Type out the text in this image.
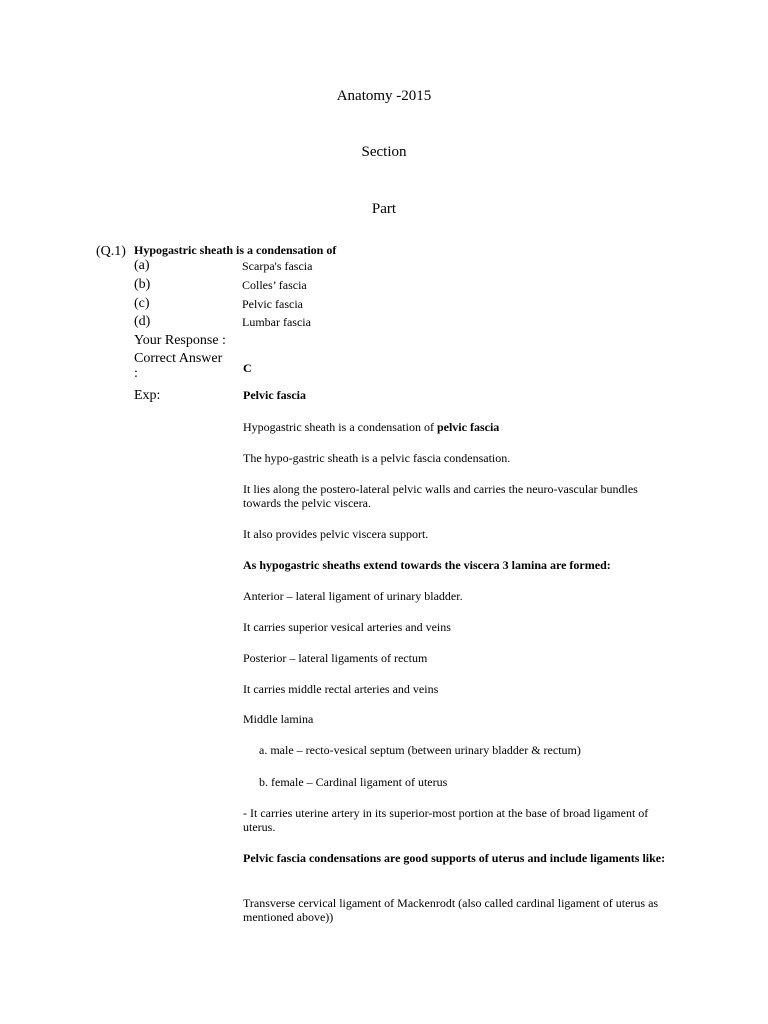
Anatomy -2015
Section
Part
(Q.1) Hypogastric sheath is a condensation of
(a)	Scarpa's fascia
(b)	Colles’ fascia
(c)	Pelvic fascia
(d)	Lumbar fascia
Your Response :
Correct Answer
:	C
Exp:	Pelvic fascia
Hypogastric sheath is a condensation of pelvic fascia
The hypo-gastric sheath is a pelvic fascia condensation.
It lies along the postero-lateral pelvic walls and carries the neuro-vascular bundles towards the pelvic viscera.
It also provides pelvic viscera support.
As hypogastric sheaths extend towards the viscera 3 lamina are formed:
Anterior – lateral ligament of urinary bladder.
It carries superior vesical arteries and veins
Posterior – lateral ligaments of rectum
It carries middle rectal arteries and veins
Middle lamina
a. male – recto-vesical septum (between urinary bladder & rectum)
b. female – Cardinal ligament of uterus
- It carries uterine artery in its superior-most portion at the base of broad ligament of uterus.
Pelvic fascia condensations are good supports of uterus and include ligaments like:
Transverse cervical ligament of Mackenrodt (also called cardinal ligament of uterus as mentioned above))
